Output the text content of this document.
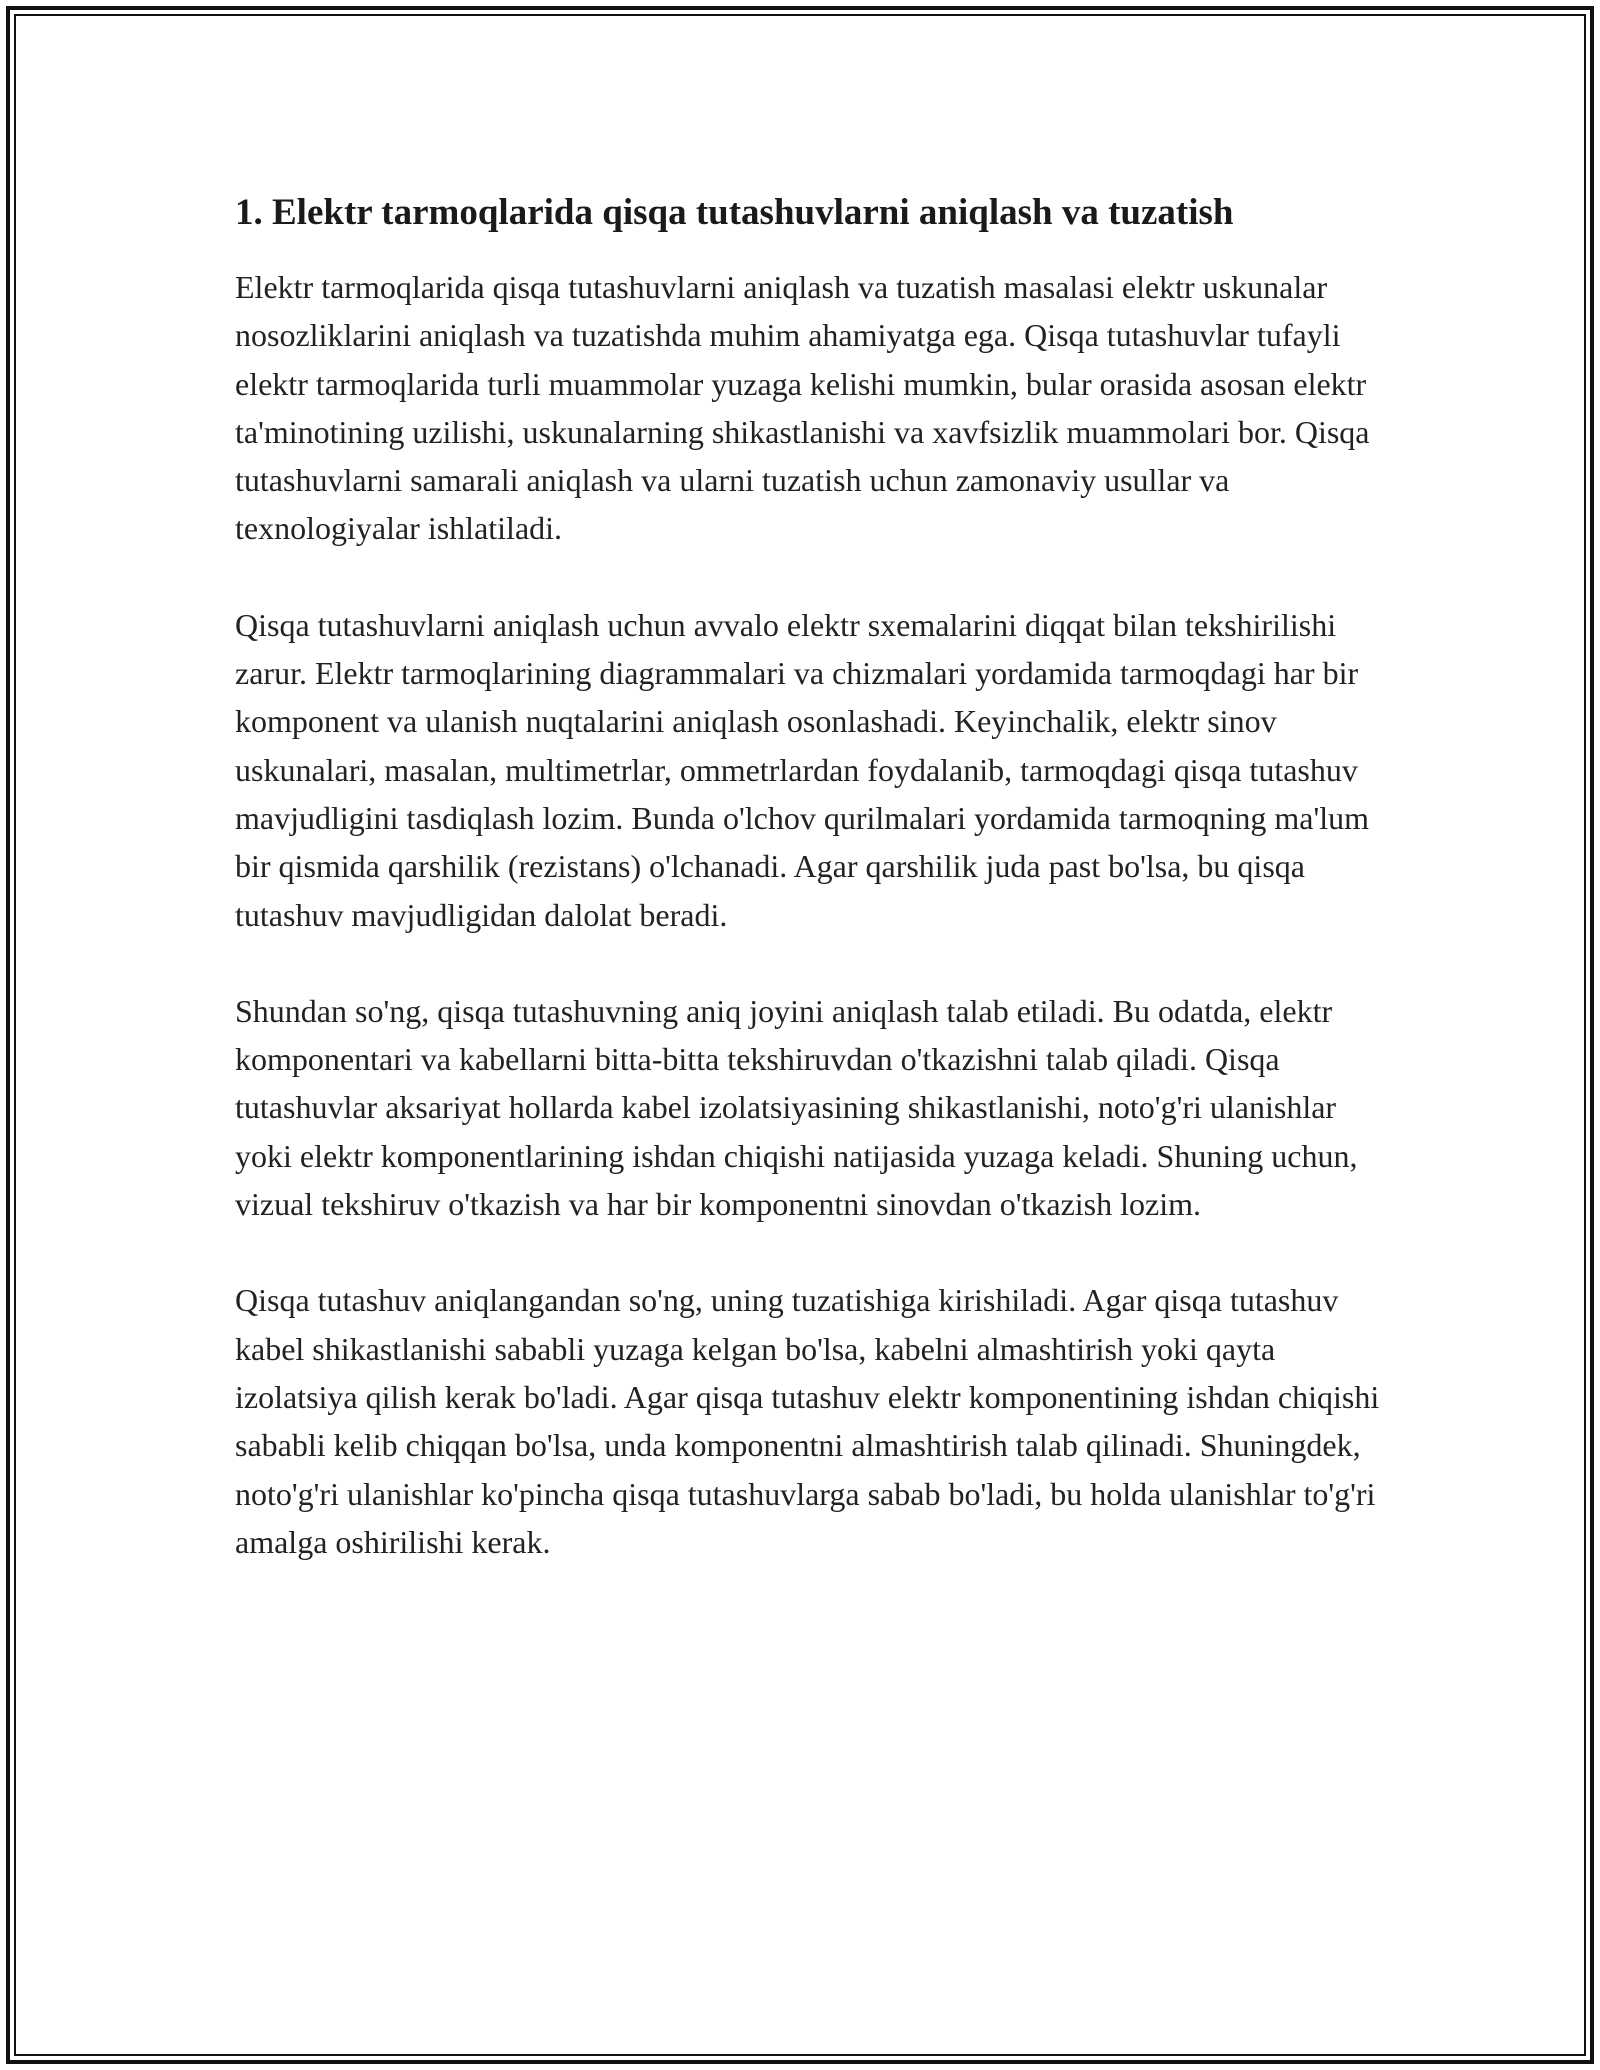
1. Elektr tarmoqlarida qisqa tutashuvlarni aniqlash va tuzatish

Elektr tarmoqlarida qisqa tutashuvlarni aniqlash va tuzatish masalasi elektr uskunalar nosozliklarini aniqlash va tuzatishda muhim ahamiyatga ega. Qisqa tutashuvlar tufayli elektr tarmoqlarida turli muammolar yuzaga kelishi mumkin, bular orasida asosan elektr ta'minotining uzilishi, uskunalarning shikastlanishi va xavfsizlik muammolari bor. Qisqa tutashuvlarni samarali aniqlash va ularni tuzatish uchun zamonaviy usullar va texnologiyalar ishlatiladi.

Qisqa tutashuvlarni aniqlash uchun avvalo elektr sxemalarini diqqat bilan tekshirilishi zarur. Elektr tarmoqlarining diagrammalari va chizmalari yordamida tarmoqdagi har bir komponent va ulanish nuqtalarini aniqlash osonlashadi. Keyinchalik, elektr sinov uskunalari, masalan, multimetrlar, ommetrlardan foydalanib, tarmoqdagi qisqa tutashuv mavjudligini tasdiqlash lozim. Bunda o'lchov qurilmalari yordamida tarmoqning ma'lum bir qismida qarshilik (rezistans) o'lchanadi. Agar qarshilik juda past bo'lsa, bu qisqa tutashuv mavjudligidan dalolat beradi.

Shundan so'ng, qisqa tutashuvning aniq joyini aniqlash talab etiladi. Bu odatda, elektr komponentari va kabellarni bitta-bitta tekshiruvdan o'tkazishni talab qiladi. Qisqa tutashuvlar aksariyat hollarda kabel izolatsiyasining shikastlanishi, noto'g'ri ulanishlar yoki elektr komponentlarining ishdan chiqishi natijasida yuzaga keladi. Shuning uchun, vizual tekshiruv o'tkazish va har bir komponentni sinovdan o'tkazish lozim.

Qisqa tutashuv aniqlangandan so'ng, uning tuzatishiga kirishiladi. Agar qisqa tutashuv kabel shikastlanishi sababli yuzaga kelgan bo'lsa, kabelni almashtirish yoki qayta izolatsiya qilish kerak bo'ladi. Agar qisqa tutashuv elektr komponentining ishdan chiqishi sababli kelib chiqqan bo'lsa, unda komponentni almashtirish talab qilinadi. Shuningdek, noto'g'ri ulanishlar ko'pincha qisqa tutashuvlarga sabab bo'ladi, bu holda ulanishlar to'g'ri amalga oshirilishi kerak.
